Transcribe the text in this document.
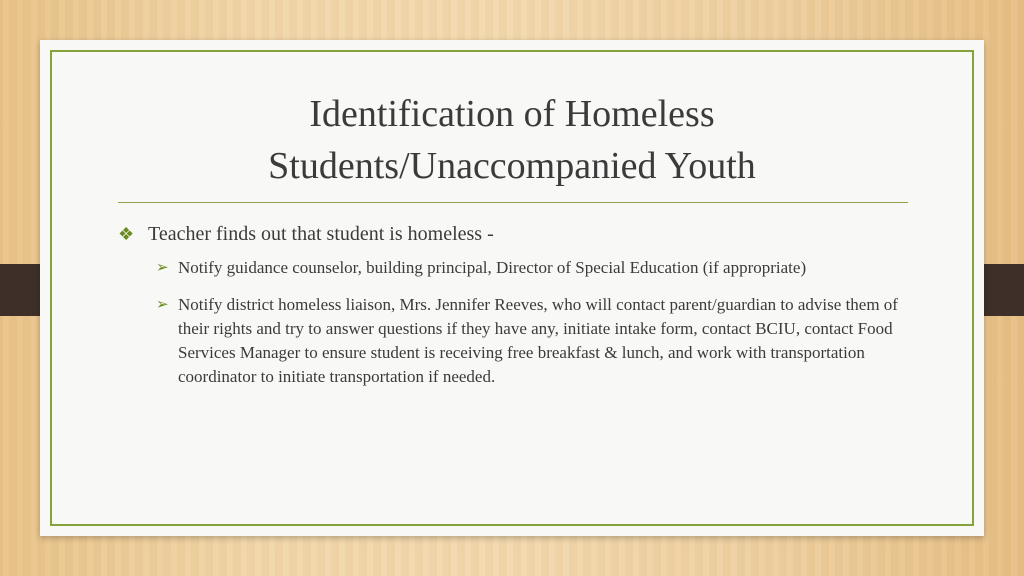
Identification of Homeless
Students/Unaccompanied Youth
❖ Teacher finds out that student is homeless -
➢ Notify guidance counselor, building principal, Director of Special Education (if appropriate)
➢ Notify district homeless liaison, Mrs. Jennifer Reeves, who will contact parent/guardian to advise them of their rights and try to answer questions if they have any, initiate intake form, contact BCIU, contact Food Services Manager to ensure student is receiving free breakfast & lunch, and work with transportation coordinator to initiate transportation if needed.
